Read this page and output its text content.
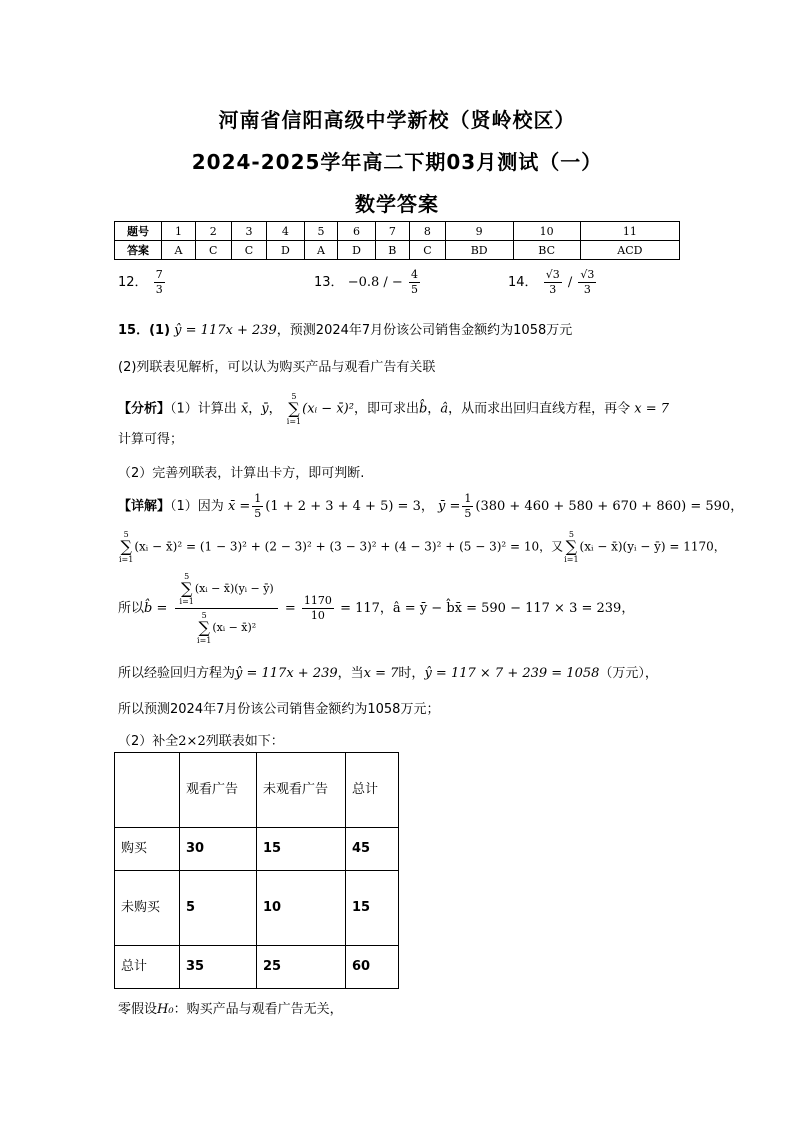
河南省信阳高级中学新校（贤岭校区）
2024-2025学年高二下期03月测试（一）
数学答案
题号	1	2	3	4	5	6	7	8	9	10	11
答案	A	C	C	D	A	D	B	C	BD	BC	ACD
12． $\frac{7}{3}$	13． −0.8 / − $\frac{4}{5}$	14． $\frac{√3}{3} / \frac{√3}{3}$
15．(1) ŷ = 117x + 239，预测2024年7月份该公司销售金额约为1058万元
(2)列联表见解析，可以认为购买产品与观看广告有关联
【分析】（1）计算出 x̄，ȳ， 5
∑
i=1(xᵢ − x̄)²，即可求出b̂，â，从而求出回归直线方程，再令 x = 7
计算可得；
（2）完善列联表，计算出卡方，即可判断.
【详解】（1）因为 x̄ = $\frac{1}{5} (1 + 2 + 3 + 4 + 5) = 3$， ȳ = $\frac{1}{5} (380 + 460 + 580 + 670 + 860) = 590$，
5
∑
i=1(xᵢ − x̄)² = (1 − 3)² + (2 − 3)² + (3 − 3)² + (4 − 3)² + (5 − 3)² = 10，又5
∑
i=1(xᵢ − x̄)(yᵢ − ȳ) = 1170，
所以b̂ = 5
∑
i=1(xᵢ − x̄)(yᵢ − ȳ)
5
∑
i=1(xᵢ − x̄)² = $\frac{1170}{10} = 117$，â = ȳ − b̂x̄ = 590 − 117 × 3 = 239，
所以经验回归方程为ŷ = 117x + 239，当x = 7时，ŷ = 117 × 7 + 239 = 1058（万元），
所以预测2024年7月份该公司销售金额约为1058万元；
（2）补全2×2列联表如下：
	观看广告	未观看广告	总计
购买	30	15	45
未购买	5	10	15
总计	35	25	60
零假设H₀：购买产品与观看广告无关，
